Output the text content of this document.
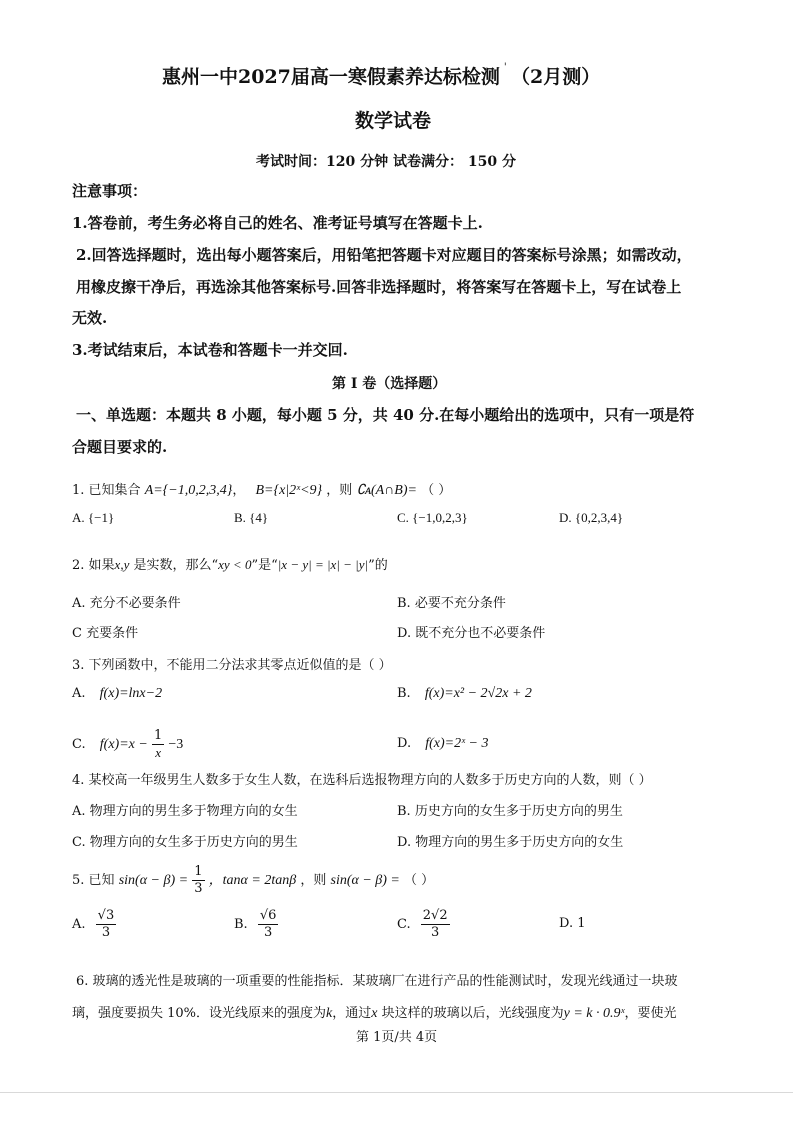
惠州一中2027届高一寒假素养达标检测 ' （2月测）
数学试卷
考试时间：120 分钟 试卷满分： 150 分
注意事项：
1.答卷前，考生务必将自己的姓名、准考证号填写在答题卡上.
2.回答选择题时，选出每小题答案后，用铅笔把答题卡对应题目的答案标号涂黑；如需改动，
用橡皮擦干净后，再选涂其他答案标号.回答非选择题时，将答案写在答题卡上，写在试卷上
无效.
3.考试结束后，本试卷和答题卡一并交回.
第 I 卷（选择题）
一、单选题：本题共 8 小题，每小题 5 分，共 40 分.在每小题给出的选项中，只有一项是符
合题目要求的.
1. 已知集合 A={−1,0,2,3,4}， B={x|2ˣ<9} ，则 ∁ᴀ(A∩B)= （ ）
A. {−1}	B. {4}	C. {−1,0,2,3}	D. {0,2,3,4}
2. 如果x,y 是实数，那么“xy < 0”是“|x − y| = |x| − |y|”的
A. 充分不必要条件	B. 必要不充分条件
C 充要条件	D. 既不充分也不必要条件
3. 下列函数中，不能用二分法求其零点近似值的是（ ）
A. f(x)=lnx−2	B. f(x)=x² − 2√2x + 2
C. $f(x)=x - \frac{1}{x} -3$	D. f(x)=2ˣ − 3
4. 某校高一年级男生人数多于女生人数，在选科后选报物理方向的人数多于历史方向的人数，则（ ）
A. 物理方向的男生多于物理方向的女生	B. 历史方向的女生多于历史方向的男生
C. 物理方向的女生多于历史方向的男生	D. 物理方向的男生多于历史方向的女生
5. 已知 $\sin(\alpha - \beta) = \frac{1}{3}$ ，tanα = 2tanβ ，则 sin(α − β) = （ ）
A. $\frac{√3}{3}$	B. $\frac{√6}{3}$	C. $\frac{2√2}{3}$	D. 1
6. 玻璃的透光性是玻璃的一项重要的性能指标．某玻璃厂在进行产品的性能测试时，发现光线通过一块玻
璃，强度要损失 10%．设光线原来的强度为k，通过x 块这样的玻璃以后，光线强度为y = k · 0.9ˣ，要使光
第 1页/共 4页
